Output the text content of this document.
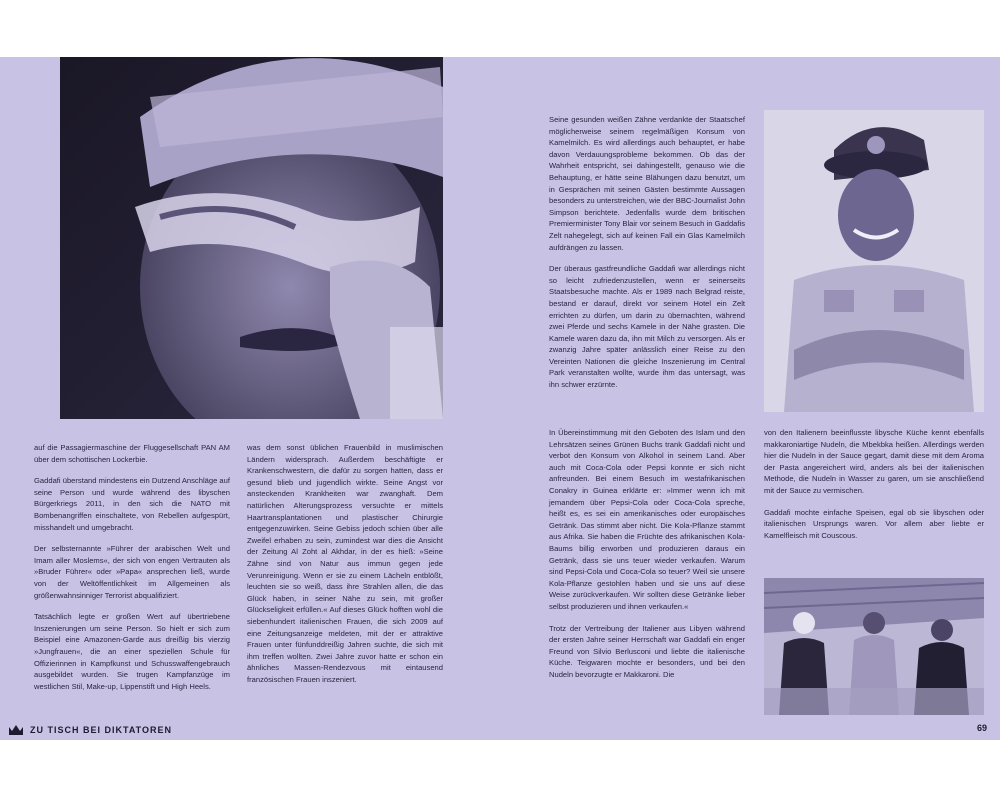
auf die Passagiermaschine der Fluggesellschaft PAN AM über dem schottischen Lockerbie.

Gaddafi überstand mindestens ein Dutzend Anschläge auf seine Person und wurde während des libyschen Bürgerkriegs 2011, in den sich die NATO mit Bombenangriffen einschaltete, von Rebellen aufgespürt, misshandelt und umgebracht.

Der selbsternannte »Führer der arabischen Welt und Imam aller Moslems«, der sich von engen Vertrauten als »Bruder Führer« oder »Papa« ansprechen ließ, wurde von der Weltöffentlichkeit im Allgemeinen als größenwahnsinniger Terrorist abqualifiziert.

Tatsächlich legte er großen Wert auf übertriebene Inszenierungen um seine Person. So hielt er sich zum Beispiel eine Amazonen-Garde aus dreißig bis vierzig »Jungfrauen«, die an einer speziellen Schule für Offizierinnen in Kampfkunst und Schusswaffengebrauch ausgebildet wurden. Sie trugen Kampfanzüge im westlichen Stil, Make-up, Lippenstift und High Heels.

was dem sonst üblichen Frauenbild in muslimischen Ländern widersprach. Außerdem beschäftigte er Krankenschwestern, die dafür zu sorgen hatten, dass er gesund blieb und jugendlich wirkte. Seine Angst vor ansteckenden Krankheiten war zwanghaft. Dem natürlichen Alterungsprozess versuchte er mittels Haartransplantationen und plastischer Chirurgie entgegenzuwirken. Seine Gebiss jedoch schien über alle Zweifel erhaben zu sein, zumindest war dies die Ansicht der Zeitung Al Zoht al Akhdar, in der es hieß: »Seine Zähne sind von Natur aus immun gegen jede Verunreinigung. Wenn er sie zu einem Lächeln entblößt, leuchten sie so weiß, dass ihre Strahlen allen, die das Glück haben, in seiner Nähe zu sein, mit großer Glückseligkeit erfüllen.« Auf dieses Glück hofften wohl die siebenhundert italienischen Frauen, die sich 2009 auf eine Zeitungsanzeige meldeten, mit der er attraktive Frauen unter fünfunddreißig Jahren suchte, die sich mit ihm treffen wollten. Zwei Jahre zuvor hatte er schon ein ähnliches Massen-Rendezvous mit eintausend französischen Frauen inszeniert.

Seine gesunden weißen Zähne verdankte der Staatschef möglicherweise seinem regelmäßigen Konsum von Kamelmilch. Es wird allerdings auch behauptet, er habe davon Verdauungsprobleme bekommen. Ob das der Wahrheit entspricht, sei dahingestellt, genauso wie die Behauptung, er hätte seine Blähungen dazu benutzt, um in Gesprächen mit seinen Gästen bestimmte Aussagen besonders zu unterstreichen, wie der BBC-Journalist John Simpson berichtete. Jedenfalls wurde dem britischen Premierminister Tony Blair vor seinem Besuch in Gaddafis Zelt nahegelegt, sich auf keinen Fall ein Glas Kamelmilch aufdrängen zu lassen.

Der überaus gastfreundliche Gaddafi war allerdings nicht so leicht zufriedenzustellen, wenn er seinerseits Staatsbesuche machte. Als er 1989 nach Belgrad reiste, bestand er darauf, direkt vor seinem Hotel ein Zelt errichten zu dürfen, um darin zu übernachten, während zwei Pferde und sechs Kamele in der Nähe grasten. Die Kamele waren dazu da, ihn mit Milch zu versorgen. Als er zwanzig Jahre später anlässlich einer Reise zu den Vereinten Nationen die gleiche Inszenierung im Central Park veranstalten wollte, wurde ihm das untersagt, was ihn schwer erzürnte.

In Übereinstimmung mit den Geboten des Islam und den Lehrsätzen seines Grünen Buchs trank Gaddafi nicht und verbot den Konsum von Alkohol in seinem Land. Aber auch mit Coca-Cola oder Pepsi konnte er sich nicht anfreunden. Bei einem Besuch im westafrikanischen Conakry in Guinea erklärte er: »Immer wenn ich mit jemandem über Pepsi-Cola oder Coca-Cola spreche, heißt es, es sei ein amerikanisches oder europäisches Getränk. Das stimmt aber nicht. Die Kola-Pflanze stammt aus Afrika. Sie haben die Früchte des afrikanischen Kola-Baums billig erworben und produzieren daraus ein Getränk, dass sie uns teuer wieder verkaufen. Warum sind Pepsi-Cola und Coca-Cola so teuer? Weil sie unsere Kola-Pflanze gestohlen haben und sie uns auf diese Weise zurückverkaufen. Wir sollten diese Getränke lieber selbst produzieren und ihnen verkaufen.«

Trotz der Vertreibung der Italiener aus Libyen während der ersten Jahre seiner Herrschaft war Gaddafi ein enger Freund von Silvio Berlusconi und liebte die italienische Küche. Teigwaren mochte er besonders, und bei den Nudeln bevorzugte er Makkaroni. Die

von den Italienern beeinflusste libysche Küche kennt ebenfalls makkaroniartige Nudeln, die Mbekbka heißen. Allerdings werden hier die Nudeln in der Sauce gegart, damit diese mit dem Aroma der Pasta angereichert wird, anders als bei der italienischen Methode, die Nudeln in Wasser zu garen, um sie anschließend mit der Sauce zu vermischen.

Gaddafi mochte einfache Speisen, egal ob sie libyschen oder italienischen Ursprungs waren. Vor allem aber liebte er Kamelfleisch mit Couscous.

ZU TISCH BEI DIKTATOREN	69
